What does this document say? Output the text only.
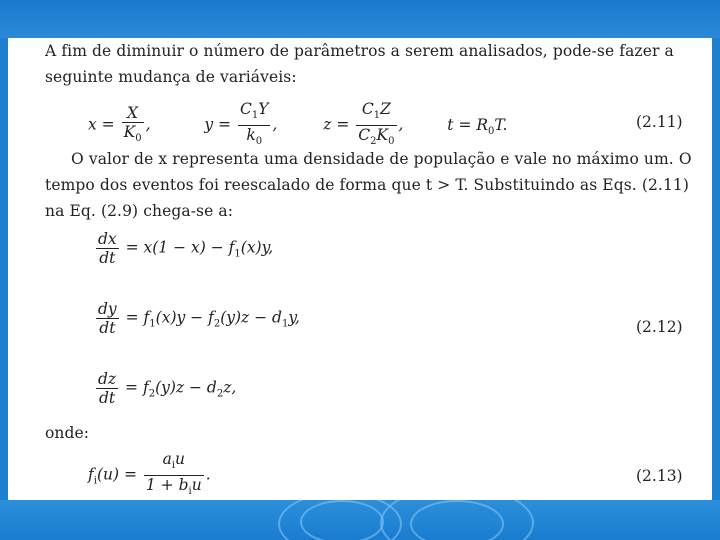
A fim de diminuir o número de parâmetros a serem analisados, pode-se fazer a
seguinte mudança de variáveis:
$x = \frac{X}{K_0}$ ,	$y = \frac{C_1Y}{k_0}$ ,	$z = \frac{C_1Z}{C_2K_0}$ ,	$t = R_0T$.	(2.11)
O valor de x representa uma densidade de população e vale no máximo um. O
tempo dos eventos foi reescalado de forma que t > T. Substituindo as Eqs. (2.11)
na Eq. (2.9) chega-se a:
$\frac{dx}{dt} = x(1 - x) - f_1(x)y$,
$\frac{dy}{dt} = f_1(x)y - f_2(y)z - d_1y$,
(2.12)
$\frac{dz}{dt} = f_2(y)z - d_2z$,
onde:
$f_i(u) = \frac{a_iu}{1 + b_iu}$ .	(2.13)
